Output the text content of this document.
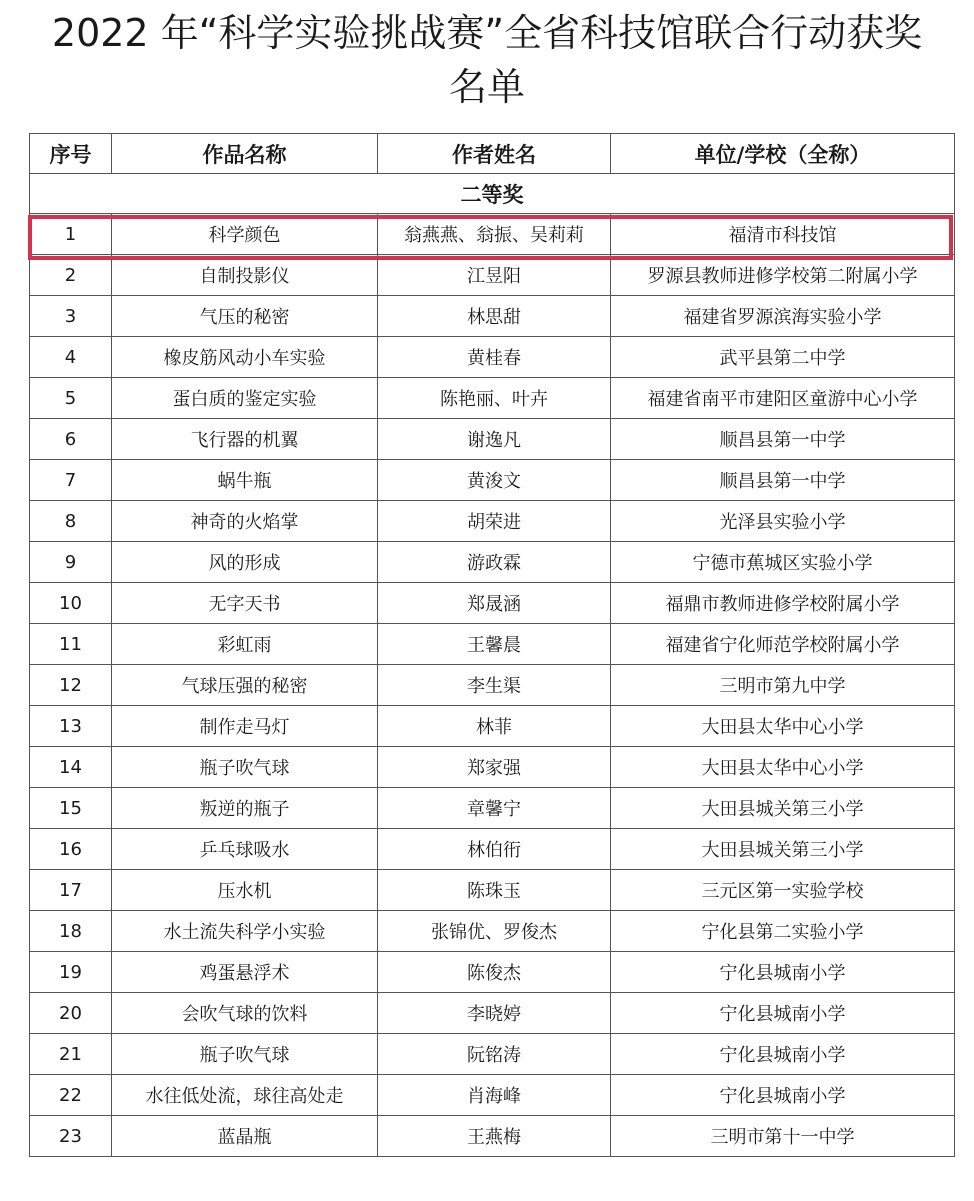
2022 年“科学实验挑战赛”全省科技馆联合行动获奖
名单
序号	作品名称	作者姓名	单位/学校（全称）
二等奖			
1	科学颜色	翁燕燕、翁振、吴莉莉	福清市科技馆
2	自制投影仪	江昱阳	罗源县教师进修学校第二附属小学
3	气压的秘密	林思甜	福建省罗源滨海实验小学
4	橡皮筋风动小车实验	黄桂春	武平县第二中学
5	蛋白质的鉴定实验	陈艳丽、叶卉	福建省南平市建阳区童游中心小学
6	飞行器的机翼	谢逸凡	顺昌县第一中学
7	蜗牛瓶	黄浚文	顺昌县第一中学
8	神奇的火焰掌	胡荣进	光泽县实验小学
9	风的形成	游政霖	宁德市蕉城区实验小学
10	无字天书	郑晟涵	福鼎市教师进修学校附属小学
11	彩虹雨	王馨晨	福建省宁化师范学校附属小学
12	气球压强的秘密	李生渠	三明市第九中学
13	制作走马灯	林菲	大田县太华中心小学
14	瓶子吹气球	郑家强	大田县太华中心小学
15	叛逆的瓶子	章馨宁	大田县城关第三小学
16	乒乓球吸水	林伯衎	大田县城关第三小学
17	压水机	陈珠玉	三元区第一实验学校
18	水土流失科学小实验	张锦优、罗俊杰	宁化县第二实验小学
19	鸡蛋悬浮术	陈俊杰	宁化县城南小学
20	会吹气球的饮料	李晓婷	宁化县城南小学
21	瓶子吹气球	阮铭涛	宁化县城南小学
22	水往低处流，球往高处走	肖海峰	宁化县城南小学
23	蓝晶瓶	王燕梅	三明市第十一中学
